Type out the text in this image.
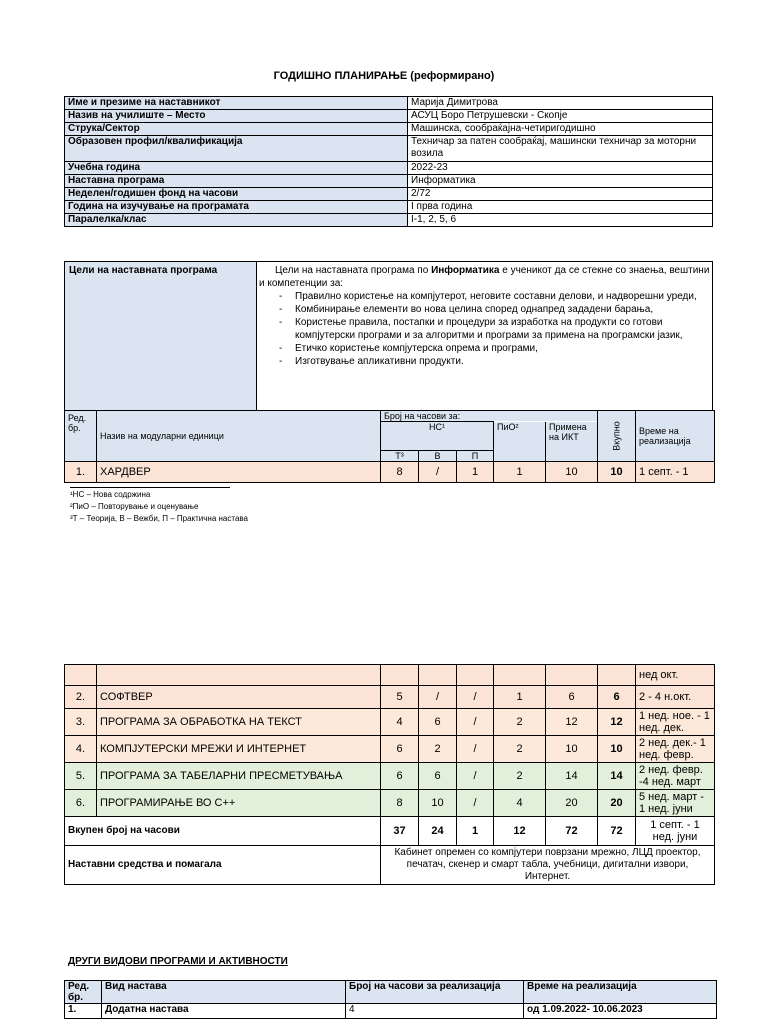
ГОДИШНО ПЛАНИРАЊЕ (реформирано)
Име и презиме на наставникот	Марија Димитрова
Назив на училиште – Место	АСУЦ Боро Петрушевски - Скопје
Струка/Сектор	Машинска, сообраќајна-четиригодишно
Образовен профил/квалификација	Техничар за патен сообраќај, машински техничар за моторни возила
Учебна година	2022-23
Наставна програма	Информатика
Неделен/годишен фонд на часови	2/72
Година на изучување на програмата	I прва година
Паралелка/клас	I-1, 2, 5, 6
Цели на наставната програма	Цели на наставната програма по Информатика е ученикот да се стекне со знаења, вештини и компетенции за:
- Правилно користење на компјутерот, неговите составни делови, и надворешни уреди,
- Комбинирање елементи во нова целина според однапред зададени барања,
- Користење правила, постапки и процедури за изработка на продукти со готови компјутерски програми и за алгоритми и програми за примена на програмски јазик,
- Етичко користење компјутерска опрема и програми,
- Изготвување апликативни продукти.
Ред. бр.	Назив на модуларни единици	Број на часови за:					Вкупно	Време на реализација
		НС¹			ПиО²	Примена на ИКТ		
		Т³	В	П				
1.	ХАРДВЕР	8	/	1	1	10	10	1 септ. - 1
¹НС – Нова содржина
²ПиО – Повторување и оценување
³Т – Теорија, В – Вежби, П – Практична настава
								нед окт.
2.	СОФТВЕР	5	/	/	1	6	6	2 - 4 н.окт.
3.	ПРОГРАМА ЗА ОБРАБОТКА НА ТЕКСТ	4	6	/	2	12	12	1 нед. ное. - 1 нед. дек.
4.	КОМПЈУТЕРСКИ МРЕЖИ И ИНТЕРНЕТ	6	2	/	2	10	10	2 нед. дек.- 1 нед. февр.
5.	ПРОГРАМА ЗА ТАБЕЛАРНИ ПРЕСМЕТУВАЊА	6	6	/	2	14	14	2 нед. февр. -4 нед. март
6.	ПРОГРАМИРАЊЕ ВО C++	8	10	/	4	20	20	5 нед. март - 1 нед. јуни
Вкупен број на часови		37	24	1	12	72	72	1 септ. - 1 нед. јуни
Наставни средства и помагала		Кабинет опремен со компјутери поврзани мрежно, ЛЦД проектор, печатач, скенер и смарт табла, учебници, дигитални извори, Интернет.						
ДРУГИ ВИДОВИ ПРОГРАМИ И АКТИВНОСТИ
Ред. бр.	Вид настава	Број на часови за реализација	Време на реализација
1.	Додатна настава	4	од 1.09.2022- 10.06.2023
